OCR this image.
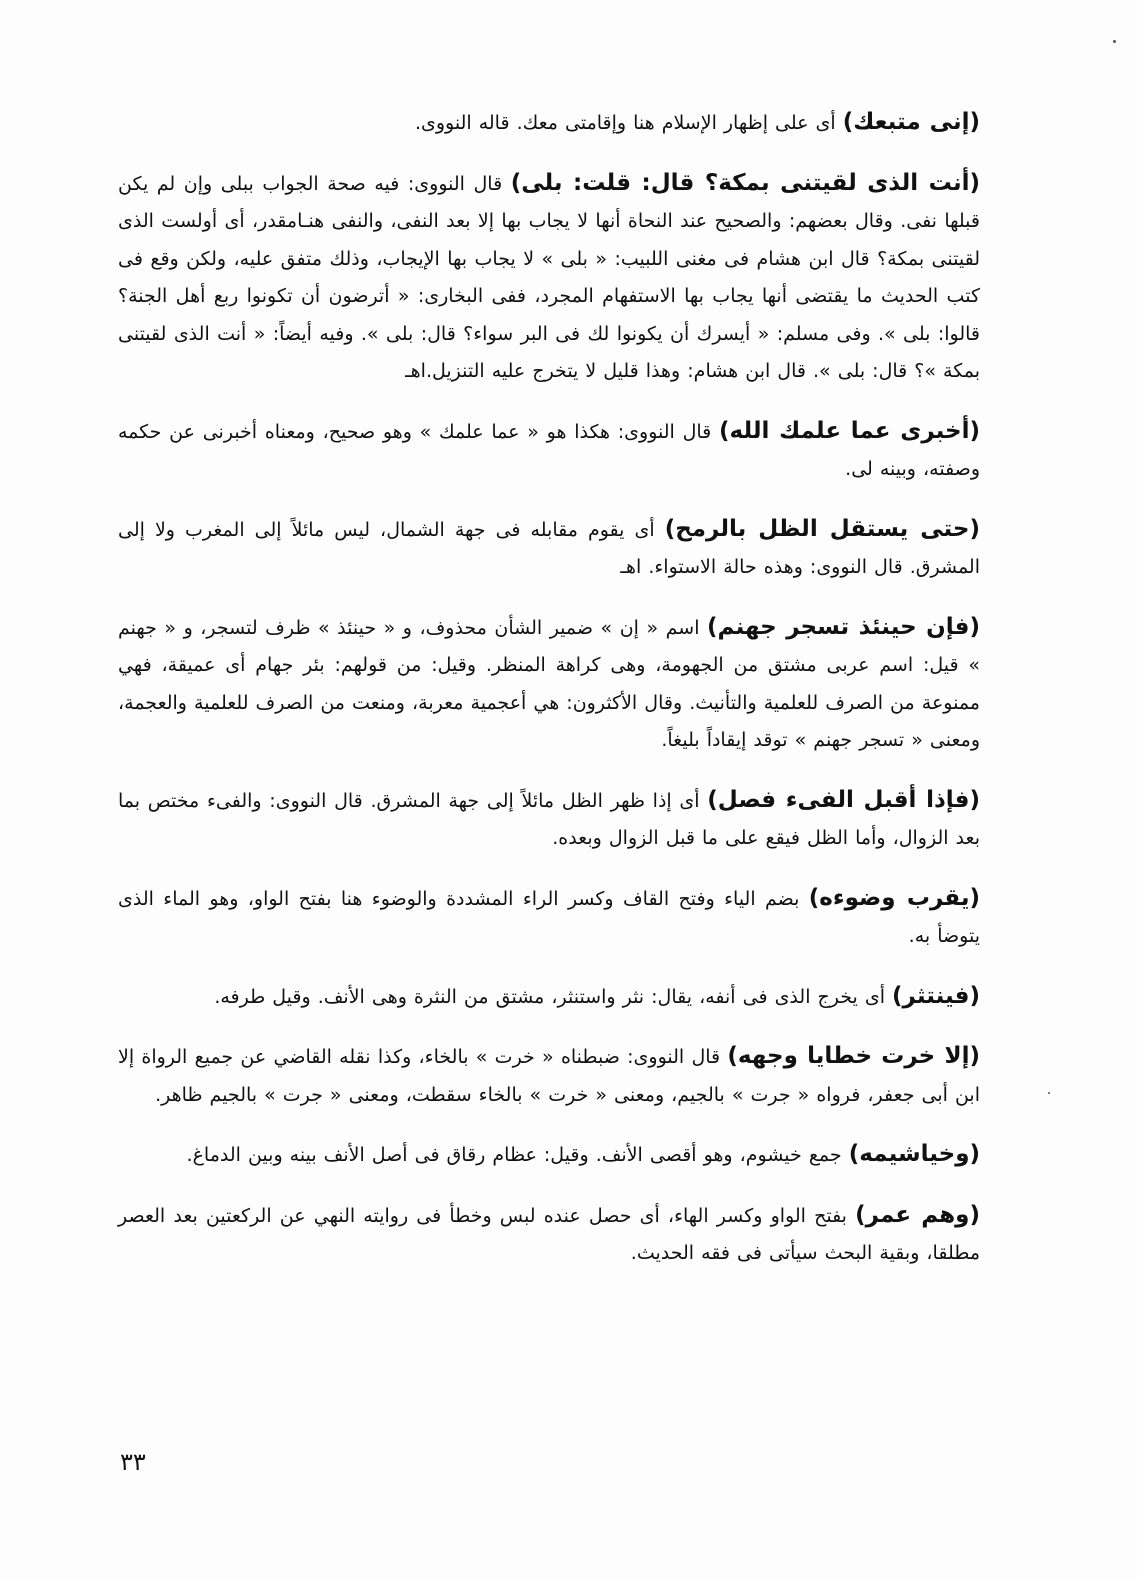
(إنى متبعك) أى على إظهار الإسلام هنا وإقامتى معك. قاله النووى.

(أنت الذى لقيتنى بمكة؟ قال: قلت: بلى) قال النووى: فيه صحة الجواب ببلى وإن لم يكن قبلها نفى. وقال بعضهم: والصحيح عند النحاة أنها لا يجاب بها إلا بعد النفى، والنفى هنـامقدر، أى أولست الذى لقيتنى بمكة؟ قال ابن هشام فى مغنى اللبيب: « بلى » لا يجاب بها الإيجاب، وذلك متفق عليه، ولكن وقع فى كتب الحديث ما يقتضى أنها يجاب بها الاستفهام المجرد، ففى البخارى: « أترضون أن تكونوا ربع أهل الجنة؟ قالوا: بلى ». وفى مسلم: « أيسرك أن يكونوا لك فى البر سواء؟ قال: بلى ». وفيه أيضاً: « أنت الذى لقيتنى بمكة »؟ قال: بلى ». قال ابن هشام: وهذا قليل لا يتخرج عليه التنزيل.اهـ

(أخبرى عما علمك الله) قال النووى: هكذا هو « عما علمك » وهو صحيح، ومعناه أخبرنى عن حكمه وصفته، وبينه لى.

(حتى يستقل الظل بالرمح) أى يقوم مقابله فى جهة الشمال، ليس مائلاً إلى المغرب ولا إلى المشرق. قال النووى: وهذه حالة الاستواء. اهـ

(فإن حينئذ تسجر جهنم) اسم « إن » ضمير الشأن محذوف، و « حينئذ » ظرف لتسجر، و « جهنم » قيل: اسم عربى مشتق من الجهومة، وهى كراهة المنظر. وقيل: من قولهم: بئر جهام أى عميقة، فهي ممنوعة من الصرف للعلمية والتأنيث. وقال الأكثرون: هي أعجمية معربة، ومنعت من الصرف للعلمية والعجمة، ومعنى « تسجر جهنم » توقد إيقاداً بليغاً.

(فإذا أقبل الفىء فصل) أى إذا ظهر الظل مائلاً إلى جهة المشرق. قال النووى: والفىء مختص بما بعد الزوال، وأما الظل فيقع على ما قبل الزوال وبعده.

(يقرب وضوءه) بضم الياء وفتح القاف وكسر الراء المشددة والوضوء هنا بفتح الواو، وهو الماء الذى يتوضأ به.

(فينتثر) أى يخرج الذى فى أنفه، يقال: نثر واستنثر، مشتق من النثرة وهى الأنف. وقيل طرفه.

(إلا خرت خطايا وجهه) قال النووى: ضبطناه « خرت » بالخاء، وكذا نقله القاضي عن جميع الرواة إلا ابن أبى جعفر، فرواه « جرت » بالجيم، ومعنى « خرت » بالخاء سقطت، ومعنى « جرت » بالجيم ظاهر.

(وخياشيمه) جمع خيشوم، وهو أقصى الأنف. وقيل: عظام رقاق فى أصل الأنف بينه وبين الدماغ.

(وهم عمر) بفتح الواو وكسر الهاء، أى حصل عنده لبس وخطأ فى روايته النهي عن الركعتين بعد العصر مطلقا، وبقية البحث سيأتى فى فقه الحديث.

٣٣
